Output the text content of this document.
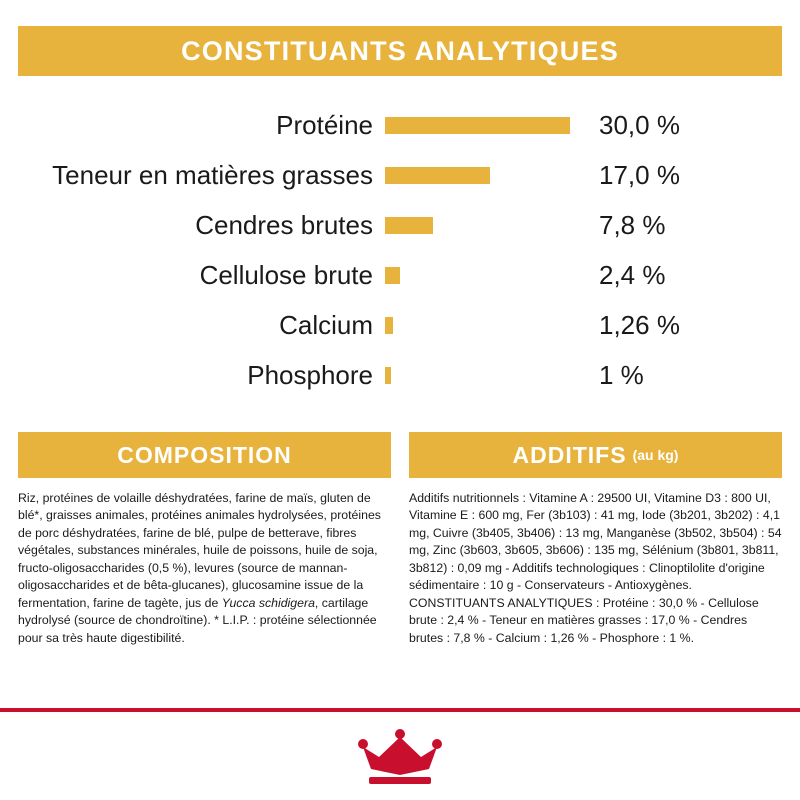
CONSTITUANTS ANALYTIQUES
Protéine	30,0 %
Teneur en matières grasses	17,0 %
Cendres brutes	7,8 %
Cellulose brute	2,4 %
Calcium	1,26 %
Phosphore	1 %
COMPOSITION
Riz, protéines de volaille déshydratées, farine de maïs, gluten de blé*, graisses animales, protéines animales hydrolysées, protéines de porc déshydratées, farine de blé, pulpe de betterave, fibres végétales, substances minérales, huile de poissons, huile de soja, fructo-oligosaccharides (0,5 %), levures (source de mannan-oligosaccharides et de bêta-glucanes), glucosamine issue de la fermentation, farine de tagète, jus de Yucca schidigera, cartilage hydrolysé (source de chondroïtine). * L.I.P. : protéine sélectionnée pour sa très haute digestibilité.
ADDITIFS (au kg)
Additifs nutritionnels : Vitamine A : 29500 UI, Vitamine D3 : 800 UI, Vitamine E : 600 mg, Fer (3b103) : 41 mg, Iode (3b201, 3b202) : 4,1 mg, Cuivre (3b405, 3b406) : 13 mg, Manganèse (3b502, 3b504) : 54 mg, Zinc (3b603, 3b605, 3b606) : 135 mg, Sélénium (3b801, 3b811, 3b812) : 0,09 mg - Additifs technologiques : Clinoptilolite d'origine sédimentaire : 10 g - Conservateurs - Antioxygènes. CONSTITUANTS ANALYTIQUES : Protéine : 30,0 % - Cellulose brute : 2,4 % - Teneur en matières grasses : 17,0 % - Cendres brutes : 7,8 % - Calcium : 1,26 % - Phosphore : 1 %.
